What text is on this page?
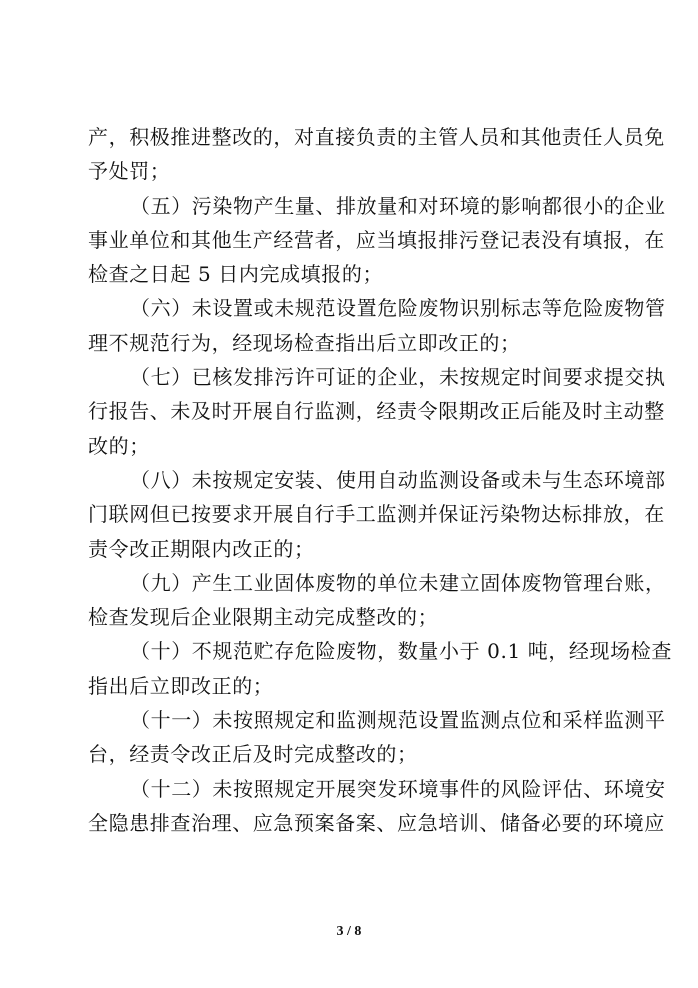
产，积极推进整改的，对直接负责的主管人员和其他责任人员免
予处罚；
（五）污染物产生量、排放量和对环境的影响都很小的企业
事业单位和其他生产经营者，应当填报排污登记表没有填报，在
检查之日起 5 日内完成填报的；
（六）未设置或未规范设置危险废物识别标志等危险废物管
理不规范行为，经现场检查指出后立即改正的；
（七）已核发排污许可证的企业，未按规定时间要求提交执
行报告、未及时开展自行监测，经责令限期改正后能及时主动整
改的；
（八）未按规定安装、使用自动监测设备或未与生态环境部
门联网但已按要求开展自行手工监测并保证污染物达标排放，在
责令改正期限内改正的；
（九）产生工业固体废物的单位未建立固体废物管理台账，
检查发现后企业限期主动完成整改的；
（十）不规范贮存危险废物，数量小于 0.1 吨，经现场检查
指出后立即改正的；
（十一）未按照规定和监测规范设置监测点位和采样监测平
台，经责令改正后及时完成整改的；
（十二）未按照规定开展突发环境事件的风险评估、环境安
全隐患排查治理、应急预案备案、应急培训、储备必要的环境应
3 / 8
